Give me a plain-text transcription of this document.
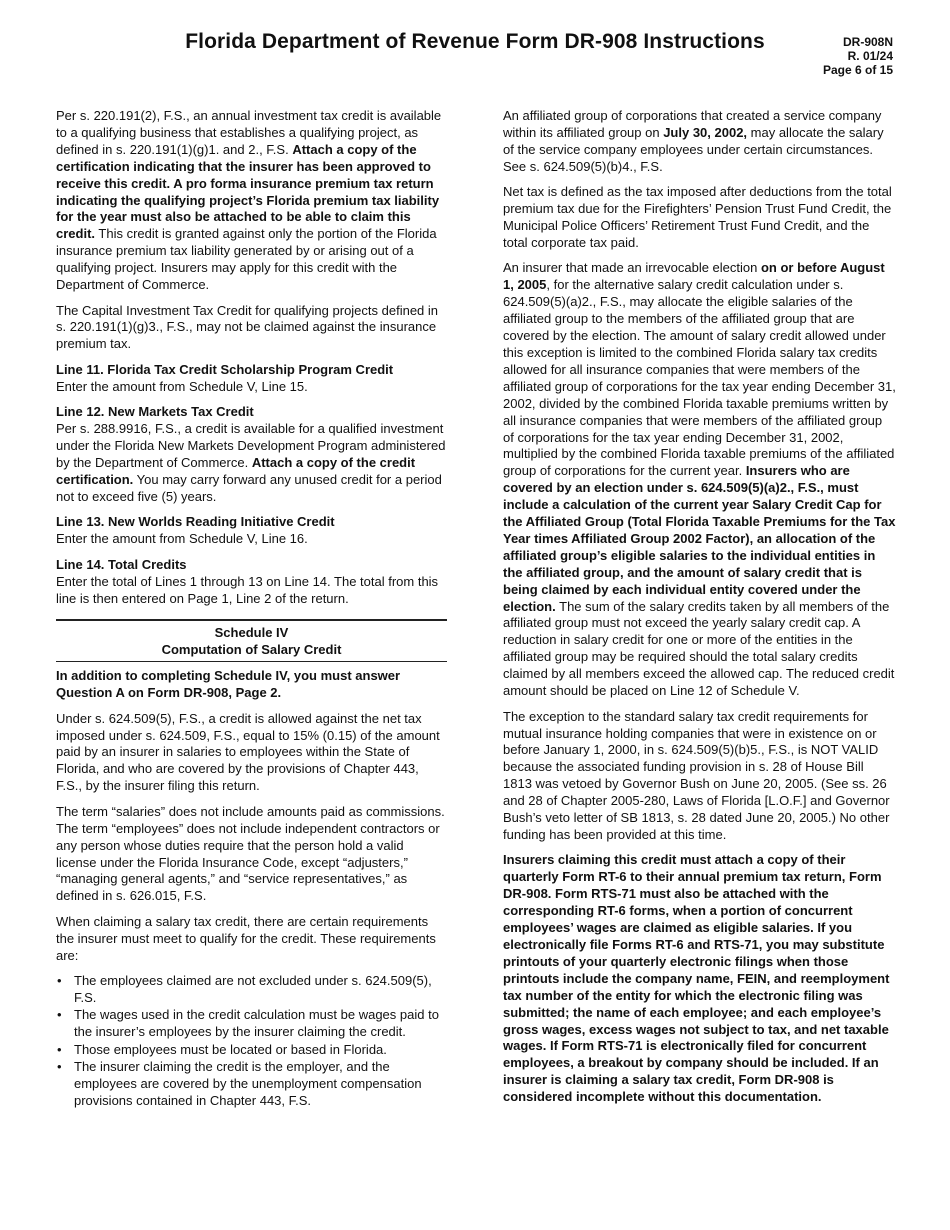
Florida Department of Revenue Form DR-908 Instructions	DR-908N
R. 01/24
Page 6 of 15

Per s. 220.191(2), F.S., an annual investment tax credit is available to a qualifying business that establishes a qualifying project, as defined in s. 220.191(1)(g)1. and 2., F.S. Attach a copy of the certification indicating that the insurer has been approved to receive this credit. A pro forma insurance premium tax return indicating the qualifying project’s Florida premium tax liability for the year must also be attached to be able to claim this credit. This credit is granted against only the portion of the Florida insurance premium tax liability generated by or arising out of a qualifying project. Insurers may apply for this credit with the Department of Commerce.

The Capital Investment Tax Credit for qualifying projects defined in s. 220.191(1)(g)3., F.S., may not be claimed against the insurance premium tax.

Line 11. Florida Tax Credit Scholarship Program Credit
Enter the amount from Schedule V, Line 15.

Line 12. New Markets Tax Credit
Per s. 288.9916, F.S., a credit is available for a qualified investment under the Florida New Markets Development Program administered by the Department of Commerce. Attach a copy of the credit certification. You may carry forward any unused credit for a period not to exceed five (5) years.

Line 13. New Worlds Reading Initiative Credit
Enter the amount from Schedule V, Line 16.

Line 14. Total Credits
Enter the total of Lines 1 through 13 on Line 14. The total from this line is then entered on Page 1, Line 2 of the return.

Schedule IV
Computation of Salary Credit

In addition to completing Schedule IV, you must answer Question A on Form DR-908, Page 2.

Under s. 624.509(5), F.S., a credit is allowed against the net tax imposed under s. 624.509, F.S., equal to 15% (0.15) of the amount paid by an insurer in salaries to employees within the State of Florida, and who are covered by the provisions of Chapter 443, F.S., by the insurer filing this return.

The term “salaries” does not include amounts paid as commissions. The term “employees” does not include independent contractors or any person whose duties require that the person hold a valid license under the Florida Insurance Code, except “adjusters,” “managing general agents,” and “service representatives,” as defined in s. 626.015, F.S.

When claiming a salary tax credit, there are certain requirements the insurer must meet to qualify for the credit. These requirements are:

• The employees claimed are not excluded under s. 624.509(5), F.S.
• The wages used in the credit calculation must be wages paid to the insurer’s employees by the insurer claiming the credit.
• Those employees must be located or based in Florida.
• The insurer claiming the credit is the employer, and the employees are covered by the unemployment compensation provisions contained in Chapter 443, F.S.

An affiliated group of corporations that created a service company within its affiliated group on July 30, 2002, may allocate the salary of the service company employees under certain circumstances. See s. 624.509(5)(b)4., F.S.

Net tax is defined as the tax imposed after deductions from the total premium tax due for the Firefighters’ Pension Trust Fund Credit, the Municipal Police Officers’ Retirement Trust Fund Credit, and the total corporate tax paid.

An insurer that made an irrevocable election on or before August 1, 2005, for the alternative salary credit calculation under s. 624.509(5)(a)2., F.S., may allocate the eligible salaries of the affiliated group to the members of the affiliated group that are covered by the election. The amount of salary credit allowed under this exception is limited to the combined Florida salary tax credits allowed for all insurance companies that were members of the affiliated group of corporations for the tax year ending December 31, 2002, divided by the combined Florida taxable premiums written by all insurance companies that were members of the affiliated group of corporations for the tax year ending December 31, 2002, multiplied by the combined Florida taxable premiums of the affiliated group of corporations for the current year. Insurers who are covered by an election under s. 624.509(5)(a)2., F.S., must include a calculation of the current year Salary Credit Cap for the Affiliated Group (Total Florida Taxable Premiums for the Tax Year times Affiliated Group 2002 Factor), an allocation of the affiliated group’s eligible salaries to the individual entities in the affiliated group, and the amount of salary credit that is being claimed by each individual entity covered under the election. The sum of the salary credits taken by all members of the affiliated group must not exceed the yearly salary credit cap. A reduction in salary credit for one or more of the entities in the affiliated group may be required should the total salary credits claimed by all members exceed the allowed cap. The reduced credit amount should be placed on Line 12 of Schedule V.

The exception to the standard salary tax credit requirements for mutual insurance holding companies that were in existence on or before January 1, 2000, in s. 624.509(5)(b)5., F.S., is NOT VALID because the associated funding provision in s. 28 of House Bill 1813 was vetoed by Governor Bush on June 20, 2005. (See ss. 26 and 28 of Chapter 2005-280, Laws of Florida [L.O.F.] and Governor Bush’s veto letter of SB 1813, s. 28 dated June 20, 2005.) No other funding has been provided at this time.

Insurers claiming this credit must attach a copy of their quarterly Form RT-6 to their annual premium tax return, Form DR-908. Form RTS-71 must also be attached with the corresponding RT-6 forms, when a portion of concurrent employees’ wages are claimed as eligible salaries. If you electronically file Forms RT-6 and RTS-71, you may substitute printouts of your quarterly electronic filings when those printouts include the company name, FEIN, and reemployment tax number of the entity for which the electronic filing was submitted; the name of each employee; and each employee’s gross wages, excess wages not subject to tax, and net taxable wages. If Form RTS-71 is electronically filed for concurrent employees, a breakout by company should be included. If an insurer is claiming a salary tax credit, Form DR-908 is considered incomplete without this documentation.
